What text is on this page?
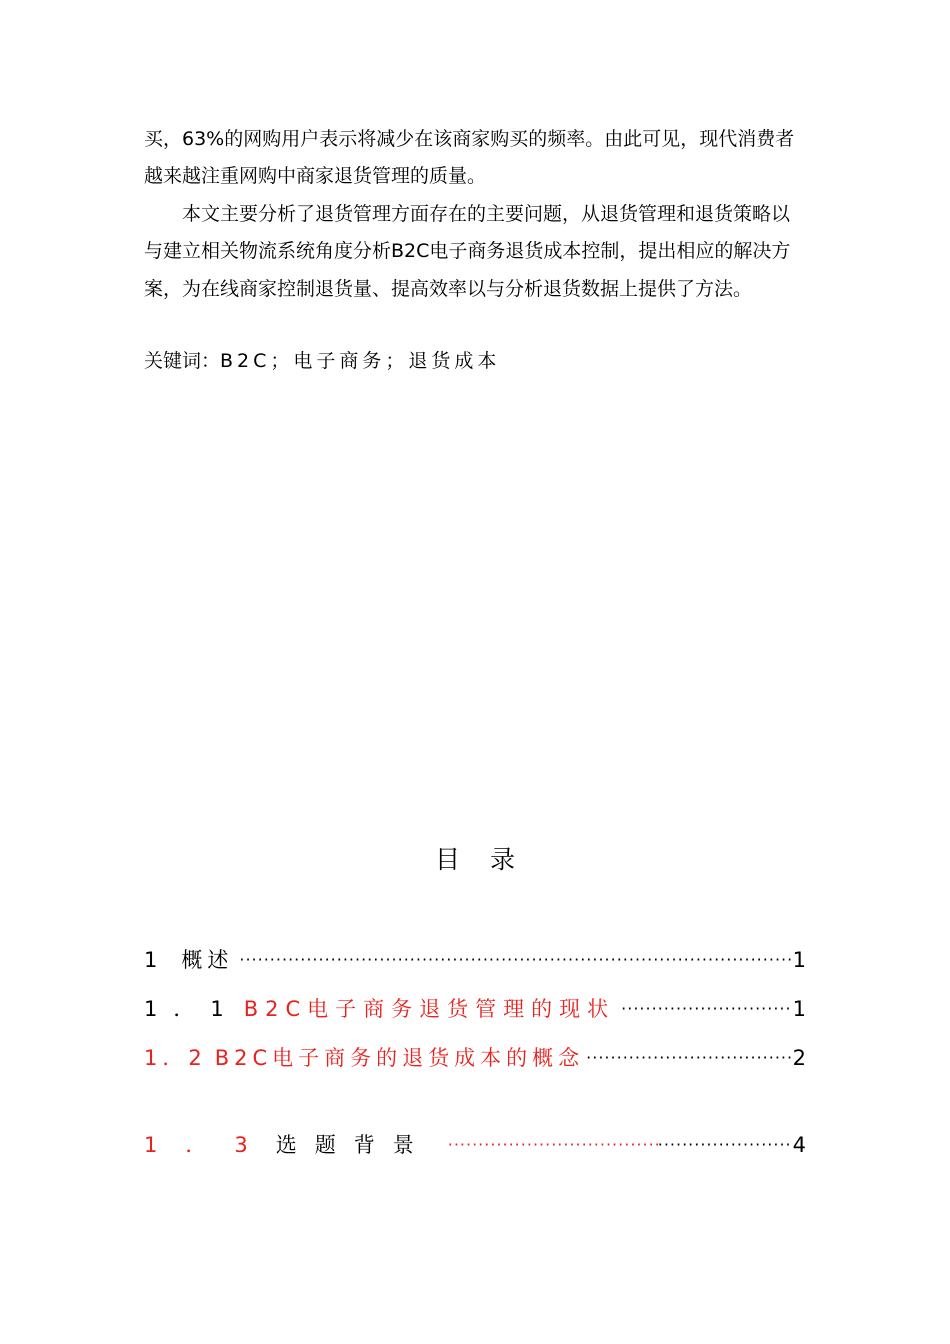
买，63%的网购用户表示将减少在该商家购买的频率。由此可见，现代消费者
越来越注重网购中商家退货管理的质量。
　　本文主要分析了退货管理方面存在的主要问题，从退货管理和退货策略以
与建立相关物流系统角度分析B2C电子商务退货成本控制，提出相应的解决方
案，为在线商家控制退货量、提高效率以与分析退货数据上提供了方法。
关键词：B2C；电子商务；退货成本
目录
1 概述 ·····	1
1．1 B2C电子商务退货管理的现状 ·····	1
1．2 B2C电子商务的退货成本的概念 ·····	2
1．3选题背景 ····· ·····	4
